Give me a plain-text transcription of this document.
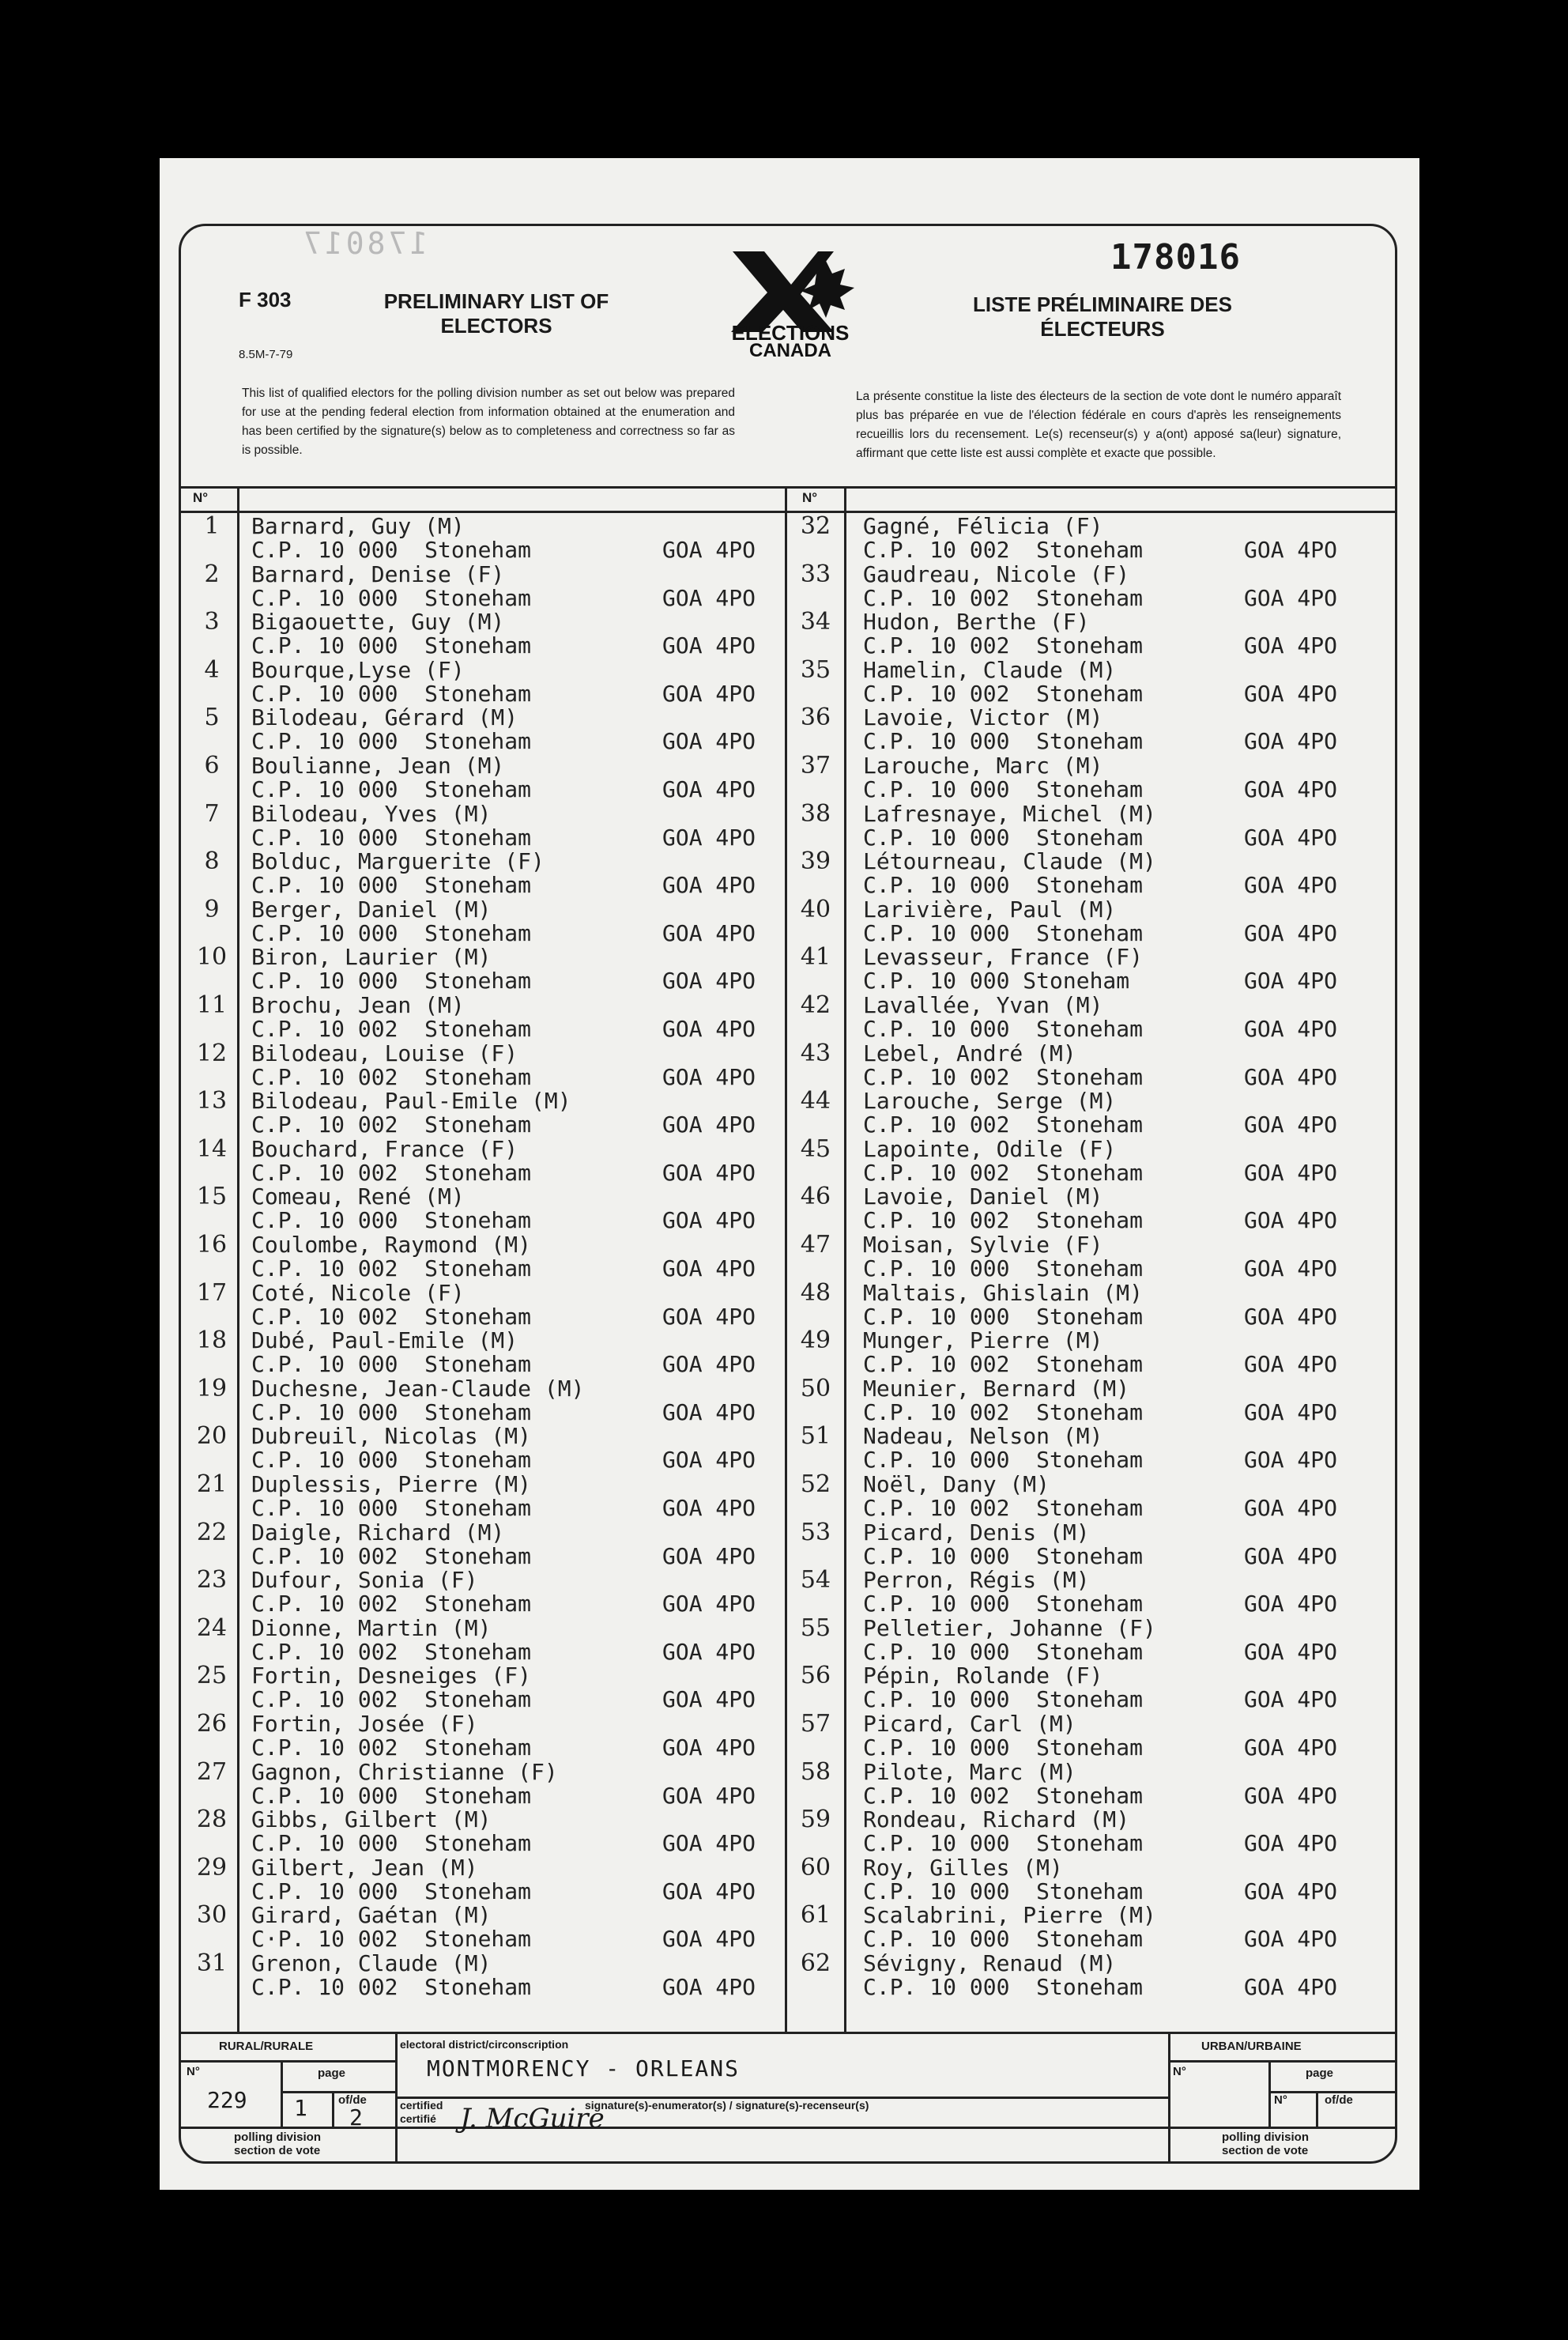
178017	178016
F 303
8.5M-7-79
PRELIMINARY LIST OF
ELECTORS
LISTE PRÉLIMINAIRE DES
ÉLECTEURS
ELECTIONS
CANADA
This list of qualified electors for the polling division number as set out below was prepared for use at the pending federal election from information obtained at the enumeration and has been certified by the signature(s) below as to completeness and correctness so far as is possible.
La présente constitue la liste des électeurs de la section de vote dont le numéro apparaît plus bas préparée en vue de l'élection fédérale en cours d'après les renseignements recueillis lors du recensement. Le(s) recenseur(s) y a(ont) apposé sa(leur) signature, affirmant que cette liste est aussi complète et exacte que possible.
N°	N°
1	Barnard, Guy (M)
C.P. 10 000  Stoneham	GOA 4PO
2	Barnard, Denise (F)
C.P. 10 000  Stoneham	GOA 4PO
3	Bigaouette, Guy (M)
C.P. 10 000  Stoneham	GOA 4PO
4	Bourque,Lyse (F)
C.P. 10 000  Stoneham	GOA 4PO
5	Bilodeau, Gérard (M)
C.P. 10 000  Stoneham	GOA 4PO
6	Boulianne, Jean (M)
C.P. 10 000  Stoneham	GOA 4PO
7	Bilodeau, Yves (M)
C.P. 10 000  Stoneham	GOA 4PO
8	Bolduc, Marguerite (F)
C.P. 10 000  Stoneham	GOA 4PO
9	Berger, Daniel (M)
C.P. 10 000  Stoneham	GOA 4PO
10	Biron, Laurier (M)
C.P. 10 000  Stoneham	GOA 4PO
11	Brochu, Jean (M)
C.P. 10 002  Stoneham	GOA 4PO
12	Bilodeau, Louise (F)
C.P. 10 002  Stoneham	GOA 4PO
13	Bilodeau, Paul-Emile (M)
C.P. 10 002  Stoneham	GOA 4PO
14	Bouchard, France (F)
C.P. 10 002  Stoneham	GOA 4PO
15	Comeau, René (M)
C.P. 10 000  Stoneham	GOA 4PO
16	Coulombe, Raymond (M)
C.P. 10 002  Stoneham	GOA 4PO
17	Coté, Nicole (F)
C.P. 10 002  Stoneham	GOA 4PO
18	Dubé, Paul-Emile (M)
C.P. 10 000  Stoneham	GOA 4PO
19	Duchesne, Jean-Claude (M)
C.P. 10 000  Stoneham	GOA 4PO
20	Dubreuil, Nicolas (M)
C.P. 10 000  Stoneham	GOA 4PO
21	Duplessis, Pierre (M)
C.P. 10 000  Stoneham	GOA 4PO
22	Daigle, Richard (M)
C.P. 10 002  Stoneham	GOA 4PO
23	Dufour, Sonia (F)
C.P. 10 002  Stoneham	GOA 4PO
24	Dionne, Martin (M)
C.P. 10 002  Stoneham	GOA 4PO
25	Fortin, Desneiges (F)
C.P. 10 002  Stoneham	GOA 4PO
26	Fortin, Josée (F)
C.P. 10 002  Stoneham	GOA 4PO
27	Gagnon, Christianne (F)
C.P. 10 000  Stoneham	GOA 4PO
28	Gibbs, Gilbert (M)
C.P. 10 000  Stoneham	GOA 4PO
29	Gilbert, Jean (M)
C.P. 10 000  Stoneham	GOA 4PO
30	Girard, Gaétan (M)
C·P. 10 002  Stoneham	GOA 4PO
31	Grenon, Claude (M)
C.P. 10 002  Stoneham	GOA 4PO
32	Gagné, Félicia (F)
C.P. 10 002  Stoneham	GOA 4PO
33	Gaudreau, Nicole (F)
C.P. 10 002  Stoneham	GOA 4PO
34	Hudon, Berthe (F)
C.P. 10 002  Stoneham	GOA 4PO
35	Hamelin, Claude (M)
C.P. 10 002  Stoneham	GOA 4PO
36	Lavoie, Victor (M)
C.P. 10 000  Stoneham	GOA 4PO
37	Larouche, Marc (M)
C.P. 10 000  Stoneham	GOA 4PO
38	Lafresnaye, Michel (M)
C.P. 10 000  Stoneham	GOA 4PO
39	Létourneau, Claude (M)
C.P. 10 000  Stoneham	GOA 4PO
40	Larivière, Paul (M)
C.P. 10 000  Stoneham	GOA 4PO
41	Levasseur, France (F)
C.P. 10 000 Stoneham	GOA 4PO
42	Lavallée, Yvan (M)
C.P. 10 000  Stoneham	GOA 4PO
43	Lebel, André (M)
C.P. 10 002  Stoneham	GOA 4PO
44	Larouche, Serge (M)
C.P. 10 002  Stoneham	GOA 4PO
45	Lapointe, Odile (F)
C.P. 10 002  Stoneham	GOA 4PO
46	Lavoie, Daniel (M)
C.P. 10 002  Stoneham	GOA 4PO
47	Moisan, Sylvie (F)
C.P. 10 000  Stoneham	GOA 4PO
48	Maltais, Ghislain (M)
C.P. 10 000  Stoneham	GOA 4PO
49	Munger, Pierre (M)
C.P. 10 002  Stoneham	GOA 4PO
50	Meunier, Bernard (M)
C.P. 10 002  Stoneham	GOA 4PO
51	Nadeau, Nelson (M)
C.P. 10 000  Stoneham	GOA 4PO
52	Noël, Dany (M)
C.P. 10 002  Stoneham	GOA 4PO
53	Picard, Denis (M)
C.P. 10 000  Stoneham	GOA 4PO
54	Perron, Régis (M)
C.P. 10 000  Stoneham	GOA 4PO
55	Pelletier, Johanne (F)
C.P. 10 000  Stoneham	GOA 4PO
56	Pépin, Rolande (F)
C.P. 10 000  Stoneham	GOA 4PO
57	Picard, Carl (M)
C.P. 10 000  Stoneham	GOA 4PO
58	Pilote, Marc (M)
C.P. 10 002  Stoneham	GOA 4PO
59	Rondeau, Richard (M)
C.P. 10 000  Stoneham	GOA 4PO
60	Roy, Gilles (M)
C.P. 10 000  Stoneham	GOA 4PO
61	Scalabrini, Pierre (M)
C.P. 10 000  Stoneham	GOA 4PO
62	Sévigny, Renaud (M)
C.P. 10 000  Stoneham	GOA 4PO
RURAL/RURALE
N°	page
of/de
229 1 2
polling division
section de vote
electoral district/circonscription
MONTMORENCY - ORLEANS
certified
certifié
signature(s)-enumerator(s) / signature(s)-recenseur(s)
J. McGuire
URBAN/URBAINE
N°	page
N°	of/de
polling division
section de vote
